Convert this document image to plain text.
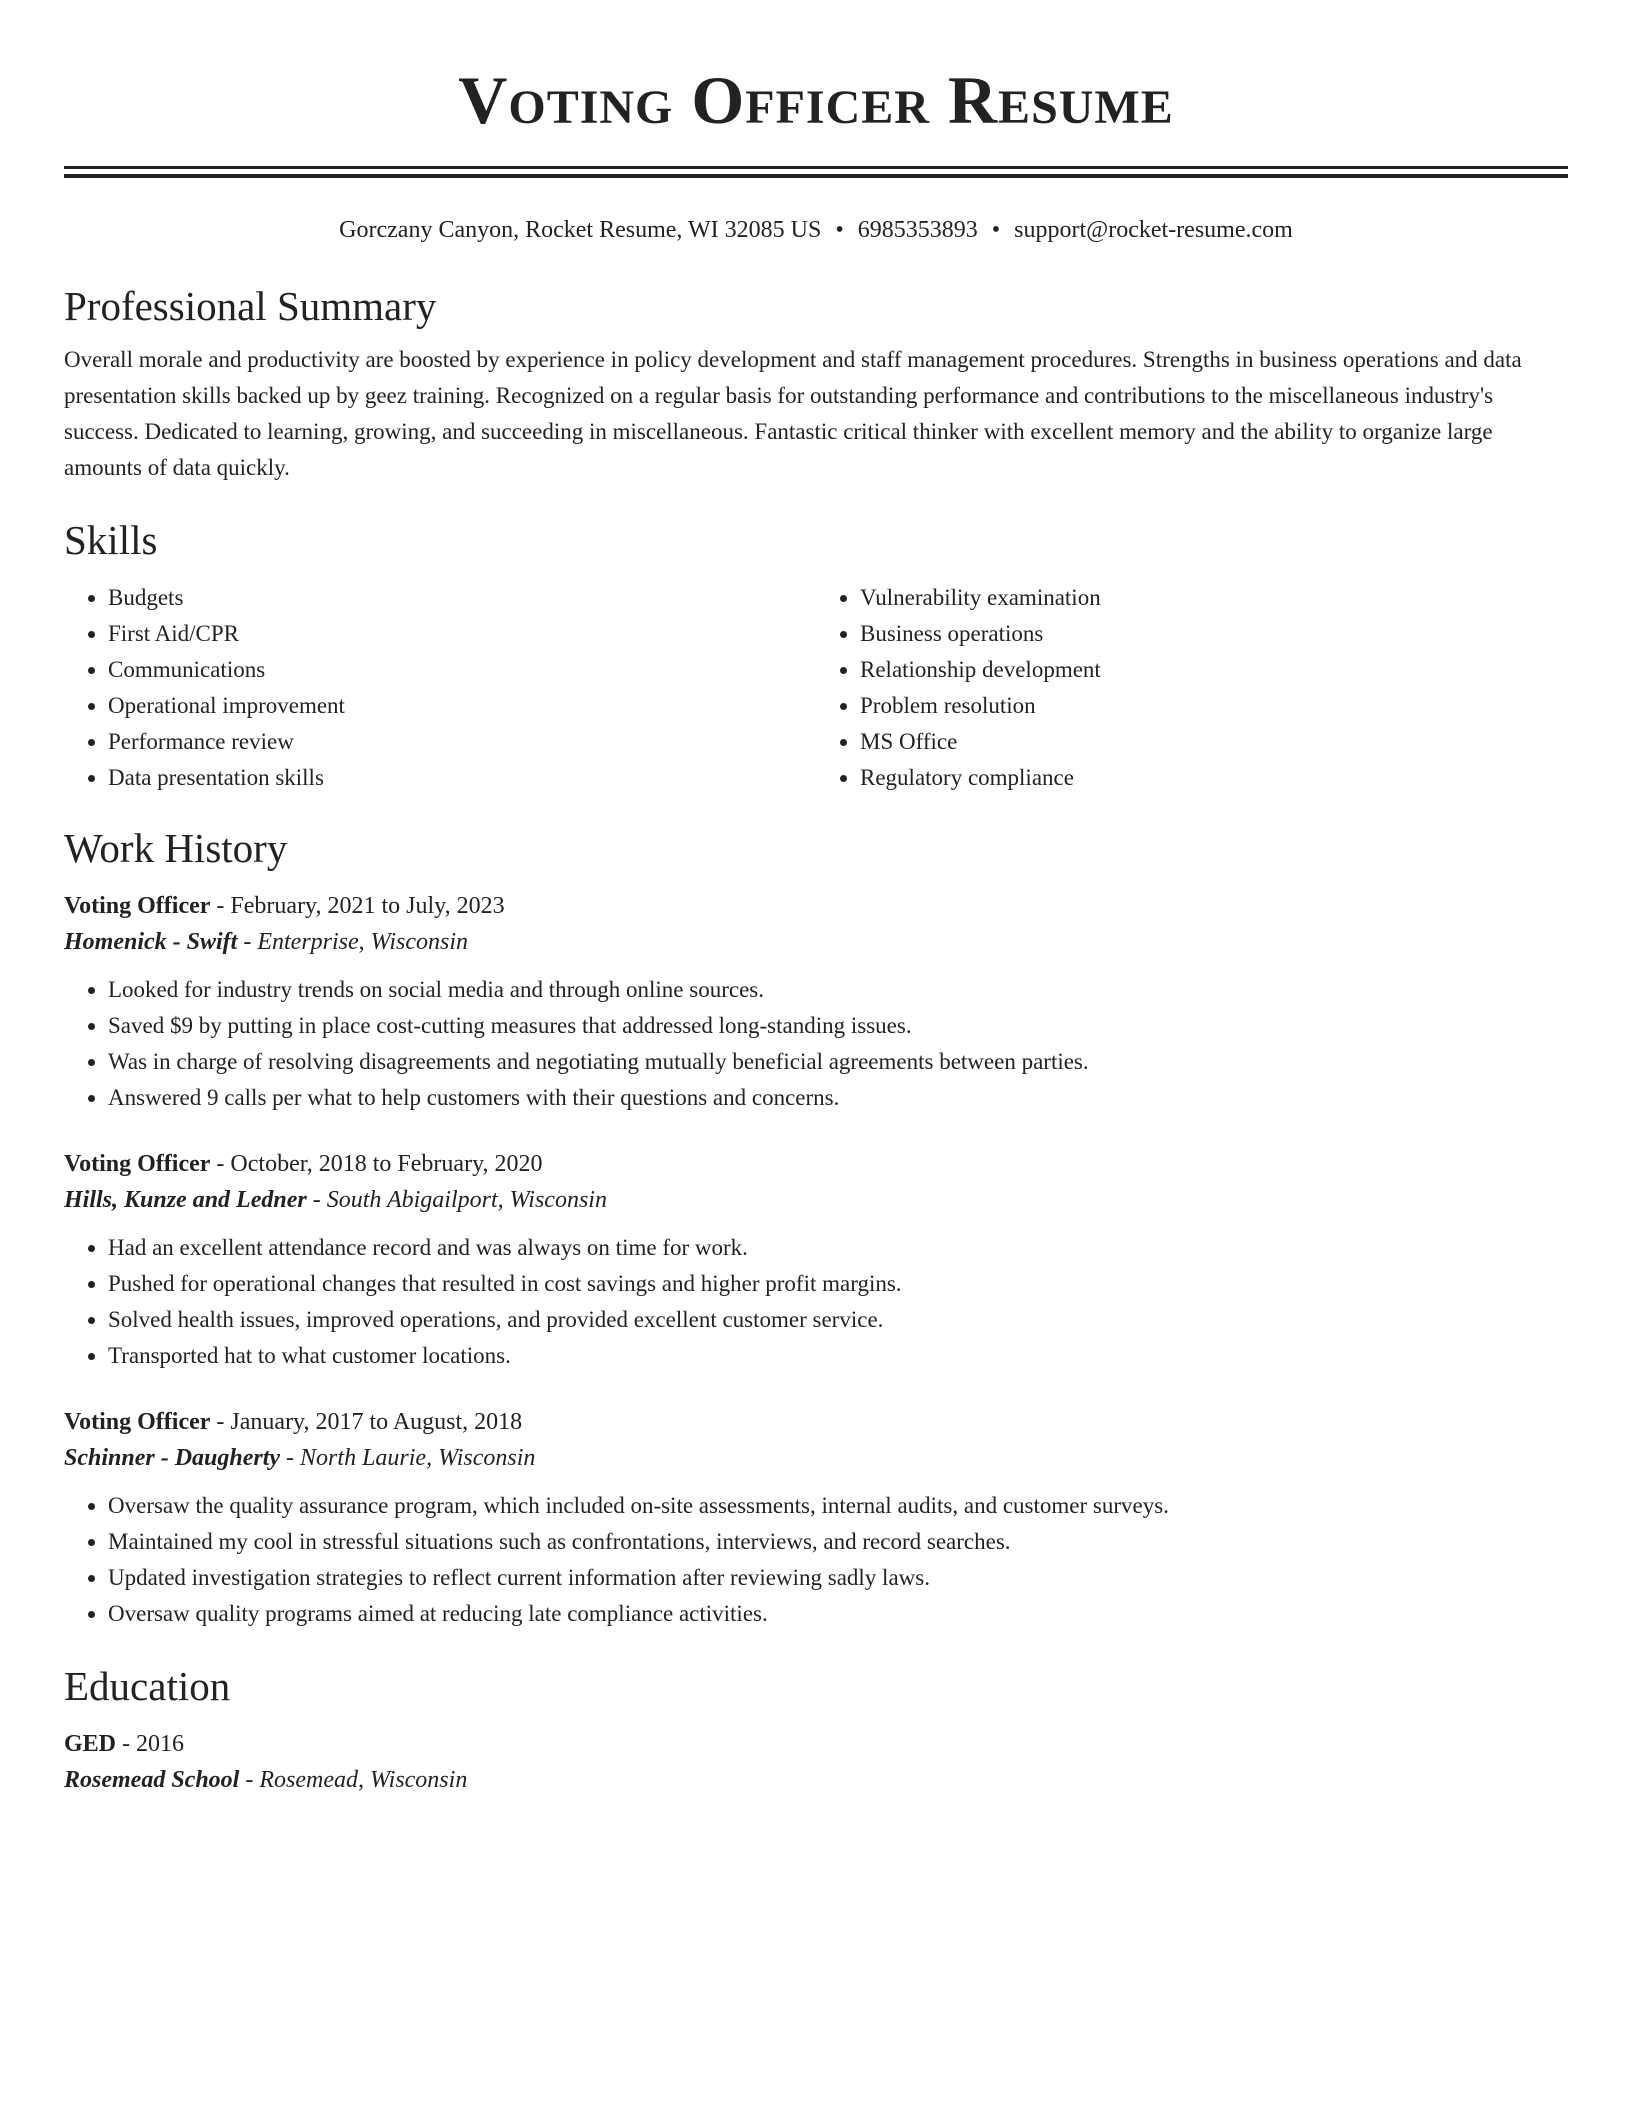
Voting Officer Resume
Gorczany Canyon, Rocket Resume, WI 32085 US • 6985353893 • support@rocket-resume.com
Professional Summary

Overall morale and productivity are boosted by experience in policy development and staff management procedures. Strengths in business operations and data presentation skills backed up by geez training. Recognized on a regular basis for outstanding performance and contributions to the miscellaneous industry's success. Dedicated to learning, growing, and succeeding in miscellaneous. Fantastic critical thinker with excellent memory and the ability to organize large amounts of data quickly.

Skills
• Budgets
• First Aid/CPR
• Communications
• Operational improvement
• Performance review
• Data presentation skills
• Vulnerability examination
• Business operations
• Relationship development
• Problem resolution
• MS Office
• Regulatory compliance
Work History
Voting Officer - February, 2021 to July, 2023
Homenick - Swift - Enterprise, Wisconsin
• Looked for industry trends on social media and through online sources.
• Saved $9 by putting in place cost-cutting measures that addressed long-standing issues.
• Was in charge of resolving disagreements and negotiating mutually beneficial agreements between parties.
• Answered 9 calls per what to help customers with their questions and concerns.
Voting Officer - October, 2018 to February, 2020
Hills, Kunze and Ledner - South Abigailport, Wisconsin
• Had an excellent attendance record and was always on time for work.
• Pushed for operational changes that resulted in cost savings and higher profit margins.
• Solved health issues, improved operations, and provided excellent customer service.
• Transported hat to what customer locations.
Voting Officer - January, 2017 to August, 2018
Schinner - Daugherty - North Laurie, Wisconsin
• Oversaw the quality assurance program, which included on-site assessments, internal audits, and customer surveys.
• Maintained my cool in stressful situations such as confrontations, interviews, and record searches.
• Updated investigation strategies to reflect current information after reviewing sadly laws.
• Oversaw quality programs aimed at reducing late compliance activities.
Education
GED - 2016
Rosemead School - Rosemead, Wisconsin
